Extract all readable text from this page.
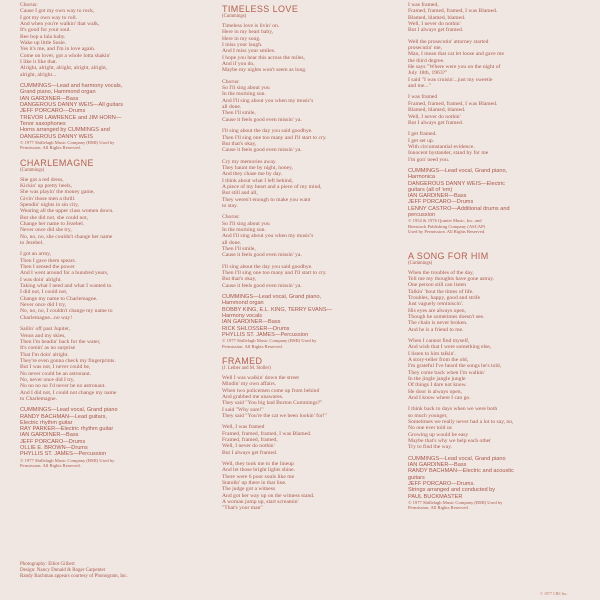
Chorus:
Cause I got my own way to rock,
I got my own way to roll.
And when you're walkin' that walk,
It's good for your soul.
Bee bop a lula baby.
Wake up little Susie.
Yes it's me, and I'm in love again.
Come on lover, got a whole lotta shakin'
I like it like that.
Alright, alright, alright, alright, alright,
alright, alright...
CUMMINGS—Lead and harmony vocals,
Grand piano, Hammond organ
IAN GARDINER—Bass
DANGEROUS DANNY WEIS—All guitars
JEFF PORCARO—Drums
TREVOR LAWRENCE and JIM HORN—
Tenor saxophones
Horns arranged by CUMMINGS and
DANGEROUS DANNY WEIS
© 1977 Shillelagh Music Company (BMI) Used by
Permission. All Rights Reserved.
CHARLEMAGNE
(Cummings)
She got a red dress,
Kickin' up pretty heels,
She was playin' the money game,
Givin' those men a thrill.
Spendin' nights in sin city,
Wearing all the upper class women down.
But she did not, she could not,
Change her name to Jezebel.
Never once did she try,
No, no, no, she couldn't change her name
to Jezebel.
I got an army,
Then I gave them spears.
Then I sensed the power
And I went around for a hundred years,
I was doin' alright.
Taking what I need and what I wanted to.
I did not, I could not,
Change my name to Charlemagne.
Never once did I try,
No, no, no, I couldn't change my name to
Charlemagne...no way!
Sailin' off past Jupiter,
Venus and my skies,
Then I'm headin' back for the water,
It's comin' as no surprise
That I'm doin' alright.
They're even gonna check my fingerprints.
But I was not, I never could be,
No never could be an astronaut.
No, never once did I try,
No no no no I'd never be no astronaut.
And I did not, I could not change my name
to Charlemagne.
CUMMINGS—Lead vocal, Grand piano
RANDY BACHMAN—Lead guitars,
Electric rhythm guitar
RAY PARKER—Electric rhythm guitar
IAN GARDINER—Bass
JEFF PORCARO—Drums
OLLIE E. BROWN—Drums
PHYLLIS ST. JAMES—Percussion
© 1977 Shillelagh Music Company (BMI) Used by
Permission. All Rights Reserved.
Photography: Elliot Gilbert
Design: Nancy Donald & Roger Carpenter
Randy Bachman appears courtesy of Phonogram, Inc.
TIMELESS LOVE
(Cummings)
Timeless love is livin' on.
Here in my heart baby,
Here in my song.
I miss your laugh.
And I miss your smiles.
I hope you hear this across the miles,
And if you do,
Maybe my nights won't seem as long.
Chorus:
So I'll sing about you
In the morning sun.
And I'll sing about you when my music's
all done.
Then I'll smile,
Cause it feels good even missin' ya.
I'll sing about the day you said goodbye.
Then I'll sing one too many and I'll start to cry.
But that's okay,
Cause it feels good even missin' ya.
Cry my memories away.
They haunt me by night, honey,
And they chase me by day.
I think about what I left behind,
A piece of my heart and a piece of my mind,
But still and all,
They weren't enough to make you want
to stay.
Chorus:
So I'll sing about you
In the morning sun.
And I'll sing about you when my music's
all done.
Then I'll smile,
Cause it feels good even missin' ya.
I'll sing about the day you said goodbye.
Then I'll sing one too many and I'll start to cry.
But that's okay,
Cause it feels good even missin' ya.
CUMMINGS—Lead vocal, Grand piano,
Hammond organ
BOBBY KING, E.L. KING, TERRY EVANS—
Harmony vocals
IAN GARDINER—Bass
RICK SHLOSSER—Drums
PHYLLIS ST. JAMES—Percussion
© 1977 Shillelagh Music Company (BMI) Used by
Permission. All Rights Reserved.
FRAMED
(J. Leiber and M. Stoller)
Well I was walkin' down the street
Mindin' my own affairs.
When two policemen come up from behind
And grabbed me unawares.
They said "You big bad Burton Cummings?"
I said "Why sure!"
They said "You're the cat we been lookin' for!"
Well, I was framed
Framed, framed, framed, I was Blamed.
Framed, framed, framed,
Well, I never do nothin'
But I always get framed.
Well, they took me to the lineup
And let those bright lights shine.
There were 6 poor souls like me
Standin' up there in that line.
The judge got a witness
And got her way up on the witness stand.
A woman jump up, start screamin'
"That's your man"
I was framed,
Framed, framed, framed, I was Blamed.
Blamed, blamed, blamed.
Well, I never do nothin'
But I always get framed.
Well the prosecutin' attorney started
prosecutin' me,
Man, I mean that cat let loose and gave me
the third degree.
He says "Where were you on the night of
July 18th, 1963?"
I said "I was cruisin'...just my sweetie
and me..."
I was framed
Framed, framed, framed, I was Blamed.
Blamed, blamed, blamed.
Well, I never do nothin'
But I always get framed.
I get framed.
I get set up.
With circumstantial evidence.
Innocent bystander, stand by for me
I'm gon' need you.
CUMMINGS—Lead vocal, Grand piano,
Harmonica
DANGEROUS DANNY WEIS—Electric
guitars (all of 'em)
IAN GARDINER—Bass
JEFF PORCARO—Drums
LENNY CASTRO—Additional drums and
percussion
© 1954 & 1976 Quintet Music, Inc. and
Bienstock Publishing Company (ASCAP)
Used by Permission. All Rights Reserved.
A SONG FOR HIM
(Cummings)
When the troubles of the day,
Tell me my thoughts have gone astray.
One person still can listen
Talkin' 'bout the times of life.
Troubles, happy, good and strife
Just vaguely reminiscin'.
His eyes are always open,
Though he sometimes doesn't see.
The chain is never broken.
And he is a friend to me.
When I cannot find myself,
And wish that I were something else,
I listen to him talkin'.
A story-teller from the old,
I'm grateful I've heard the songs he's told,
They come back when I'm walkin'
In the jingle jangle jungle
Of things I dare not know.
He door is always open,
And I know where I can go.
I think back to days when we were both
so much younger,
Sometimes we really never had a lot to say, no,
No one ever told us
Growing up would be easy
Maybe that's why we help each other
Try to find the way.
CUMMINGS—Lead vocal, Grand piano
IAN GARDINER—Bass
RANDY BACHMAN—Electric and acoustic
guitars
JEFF PORCARO—Drums.
Strings arranged and conducted by
PAUL BUCKMASTER
© 1977 Shillelagh Music Company (BMI) Used by
Permission. All Rights Reserved.
© 1977 CBS Inc.
